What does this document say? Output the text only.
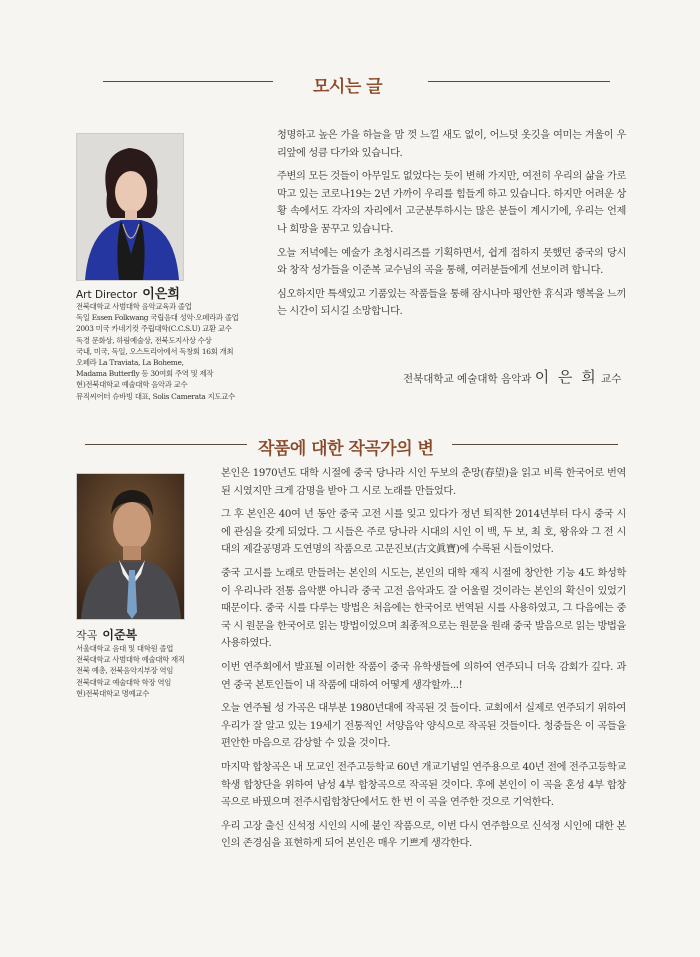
모시는 글
Art Director 이은희
전북대학교 사범대학 음악교육과 졸업
독일 Essen Folkwang 국립음대 성악·오페라과 졸업
2003 미국 카네기컷 주립대학(C.C.S.U) 교환 교수
독경 문화상, 하림예술상, 전북도지사상 수상
국내, 미국, 독일, 오스트리아에서 독창회 16회 개최
오페라 La Traviata, La Boheme,
Madama Butterfly 등 30여회 주역 및 제작
현)전북대학교 예술대학 음악과 교수
뮤직씨어터 슈바빙 대표, Solis Camerata 지도교수

청명하고 높은 가을 하늘을 맘 껏 느낄 새도 없이, 어느덧 옷깃을 여미는 겨울이 우리앞에 성큼 다가와 있습니다.

주변의 모든 것들이 아무일도 없었다는 듯이 변해 가지만, 여전히 우리의 삶을 가로막고 있는 코로나19는 2년 가까이 우리를 힘들게 하고 있습니다. 하지만 어려운 상황 속에서도 각자의 자리에서 고군분투하시는 많은 분들이 계시기에, 우리는 언제나 희망을 꿈꾸고 있습니다.

오늘 저녁에는 예술가 초청시리즈를 기획하면서, 쉽게 접하지 못했던 중국의 당시와 창작 성가들을 이준복 교수님의 곡을 통해, 여러분들에게 선보이려 합니다.

심오하지만 특색있고 기품있는 작품들을 통해 잠시나마 평안한 휴식과 행복을 느끼는 시간이 되시길 소망합니다.

전북대학교 예술대학 음악과 이 은 희 교수
작품에 대한 작곡가의 변
작곡 이준복
서울대학교 음대 및 대학원 졸업
전북대학교 사범대학 예술대학 재직
전북 예총, 전북음악지부장 역임
전북대학교 예술대학 학장 역임
현)전북대학교 명예교수

본인은 1970년도 대학 시절에 중국 당나라 시인 두보의 춘망(春望)을 읽고 비록 한국어로 번역된 시였지만 크게 감명을 받아 그 시로 노래를 만들었다.

그 후 본인은 40여 년 동안 중국 고전 시를 잊고 있다가 정년 퇴직한 2014년부터 다시 중국 시에 관심을 갖게 되었다. 그 시들은 주로 당나라 시대의 시인 이 백, 두 보, 최 호, 왕유와 그 전 시대의 제갈공명과 도연명의 작품으로 고문진보(古文眞寶)에 수록된 시들이었다.

중국 고시를 노래로 만들려는 본인의 시도는, 본인의 대학 재직 시절에 창안한 기능 4도 화성학이 우리나라 전통 음악뿐 아니라 중국 고전 음악과도 잘 어울릴 것이라는 본인의 확신이 있었기 때문이다. 중국 시를 다루는 방법은 처음에는 한국어로 번역된 시를 사용하였고, 그 다음에는 중국 시 원문을 한국어로 읽는 방법이었으며 최종적으로는 원문을 원래 중국 발음으로 읽는 방법을 사용하였다.

이번 연주회에서 발표될 이러한 작품이 중국 유학생들에 의하여 연주되니 더욱 감회가 깊다. 과연 중국 본토인들이 내 작품에 대하여 어떻게 생각할까...!

오늘 연주될 성 가곡은 대부분 1980년대에 작곡된 것 들이다. 교회에서 실제로 연주되기 위하여 우리가 잘 알고 있는 19세기 전통적인 서양음악 양식으로 작곡된 것들이다. 청중들은 이 곡들을 편안한 마음으로 감상할 수 있을 것이다.

마지막 합창곡은 내 모교인 전주고등학교 60년 개교기념일 연주용으로 40년 전에 전주고등학교 학생 합창단을 위하여 남성 4부 합창곡으로 작곡된 것이다. 후에 본인이 이 곡을 혼성 4부 합창곡으로 바꿨으며 전주시립합창단에서도 한 번 이 곡을 연주한 것으로 기억한다.

우리 고장 출신 신석정 시인의 시에 붙인 작품으로, 이번 다시 연주함으로 신석정 시인에 대한 본인의 존경심을 표현하게 되어 본인은 매우 기쁘게 생각한다.
